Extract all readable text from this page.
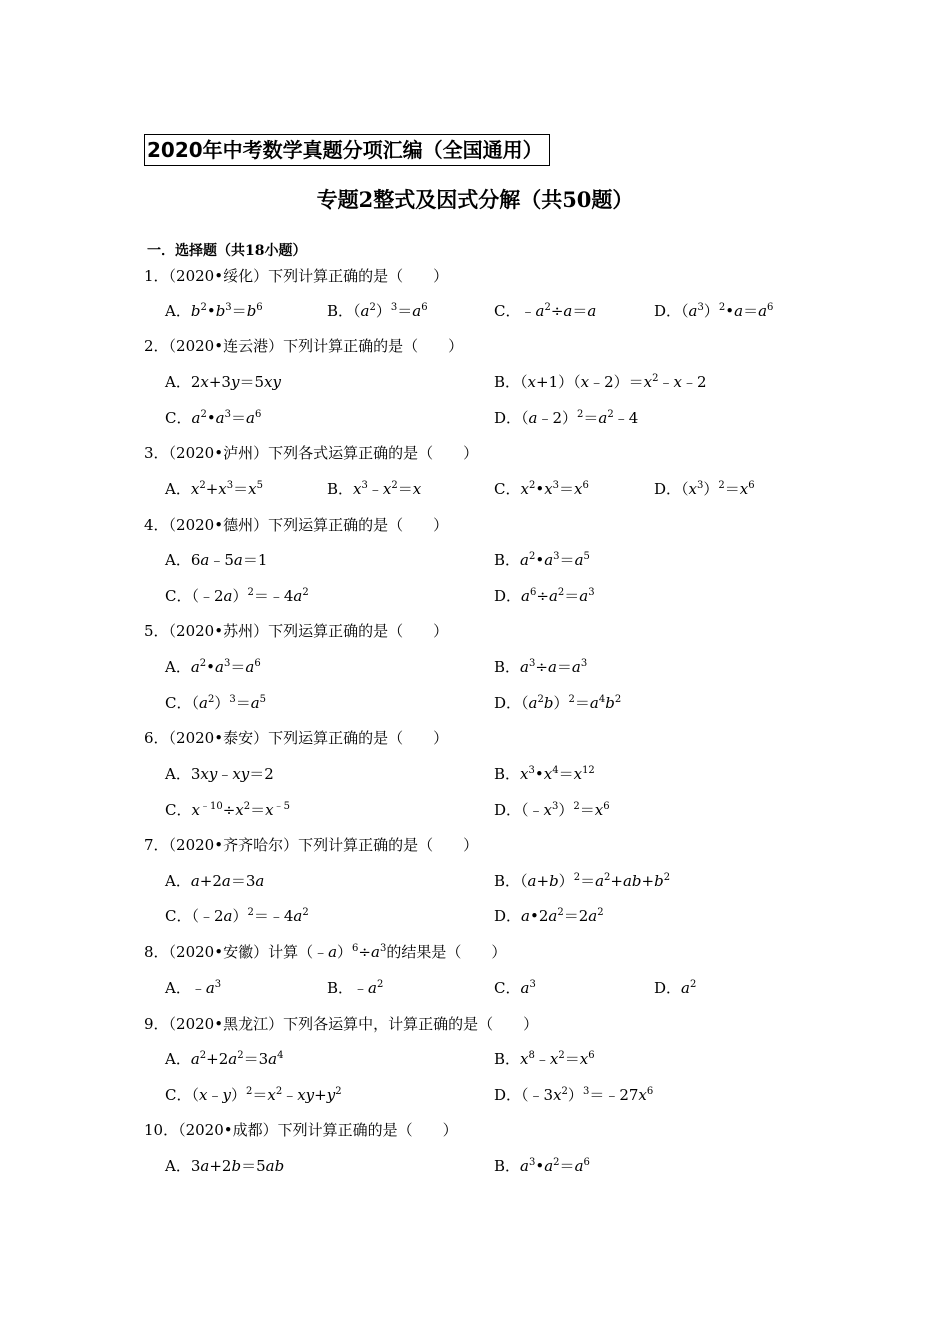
2020年中考数学真题分项汇编（全国通用）
专题2整式及因式分解（共50题）
一．选择题（共18小题）
1．（2020•绥化）下列计算正确的是（　　）
A．$b^2•b^3=b^6$	B．$(a^2)^3=a^6$	C．$﹣a^2\div a=a$	D．$(a^3)^2•a=a^6$
2．（2020•连云港）下列计算正确的是（　　）
A．2x+3y＝5xy	B．$(x+1)(x﹣2)=x^2﹣x﹣2$
C．$a^2•a^3=a^6$	D．$(a﹣2)^2=a^2﹣4$
3．（2020•泸州）下列各式运算正确的是（　　）
A．$x^2+x^3=x^5$	B．$x^3﹣x^2=x$	C．$x^2•x^3=x^6$	D．$(x^3)^2=x^6$
4．（2020•德州）下列运算正确的是（　　）
A．6a﹣5a＝1	B．$a^2•a^3=a^5$
C．$(﹣2a)^2=﹣4a^2$	D．$a^6\div a^2=a^3$
5．（2020•苏州）下列运算正确的是（　　）
A．$a^2•a^3=a^6$	B．$a^3\div a=a^3$
C．$(a^2)^3=a^5$	D．$(a^2b)^2=a^4b^2$
6．（2020•泰安）下列运算正确的是（　　）
A．3xy﹣xy＝2	B．$x^3•x^4=x^{12}$
C．$x^{﹣10}\div x^2=x^{﹣5}$	D．$(﹣x^3)^2=x^6$
7．（2020•齐齐哈尔）下列计算正确的是（　　）
A．a+2a＝3a	B．$(a+b)^2=a^2+ab+b^2$
C．$(﹣2a)^2=﹣4a^2$	D．$a•2a^2=2a^2$
8．（2020•安徽）计算$(﹣a)^6\div a^3$的结果是（　　）
A．$﹣a^3$	B．$﹣a^2$	C．$a^3$	D．$a^2$
9．（2020•黑龙江）下列各运算中，计算正确的是（　　）
A．$a^2+2a^2=3a^4$	B．$x^8﹣x^2=x^6$
C．$(x﹣y)^2=x^2﹣xy+y^2$	D．$(﹣3x^2)^3=﹣27x^6$
10．（2020•成都）下列计算正确的是（　　）
A．3a+2b＝5ab	B．$a^3•a^2=a^6$
